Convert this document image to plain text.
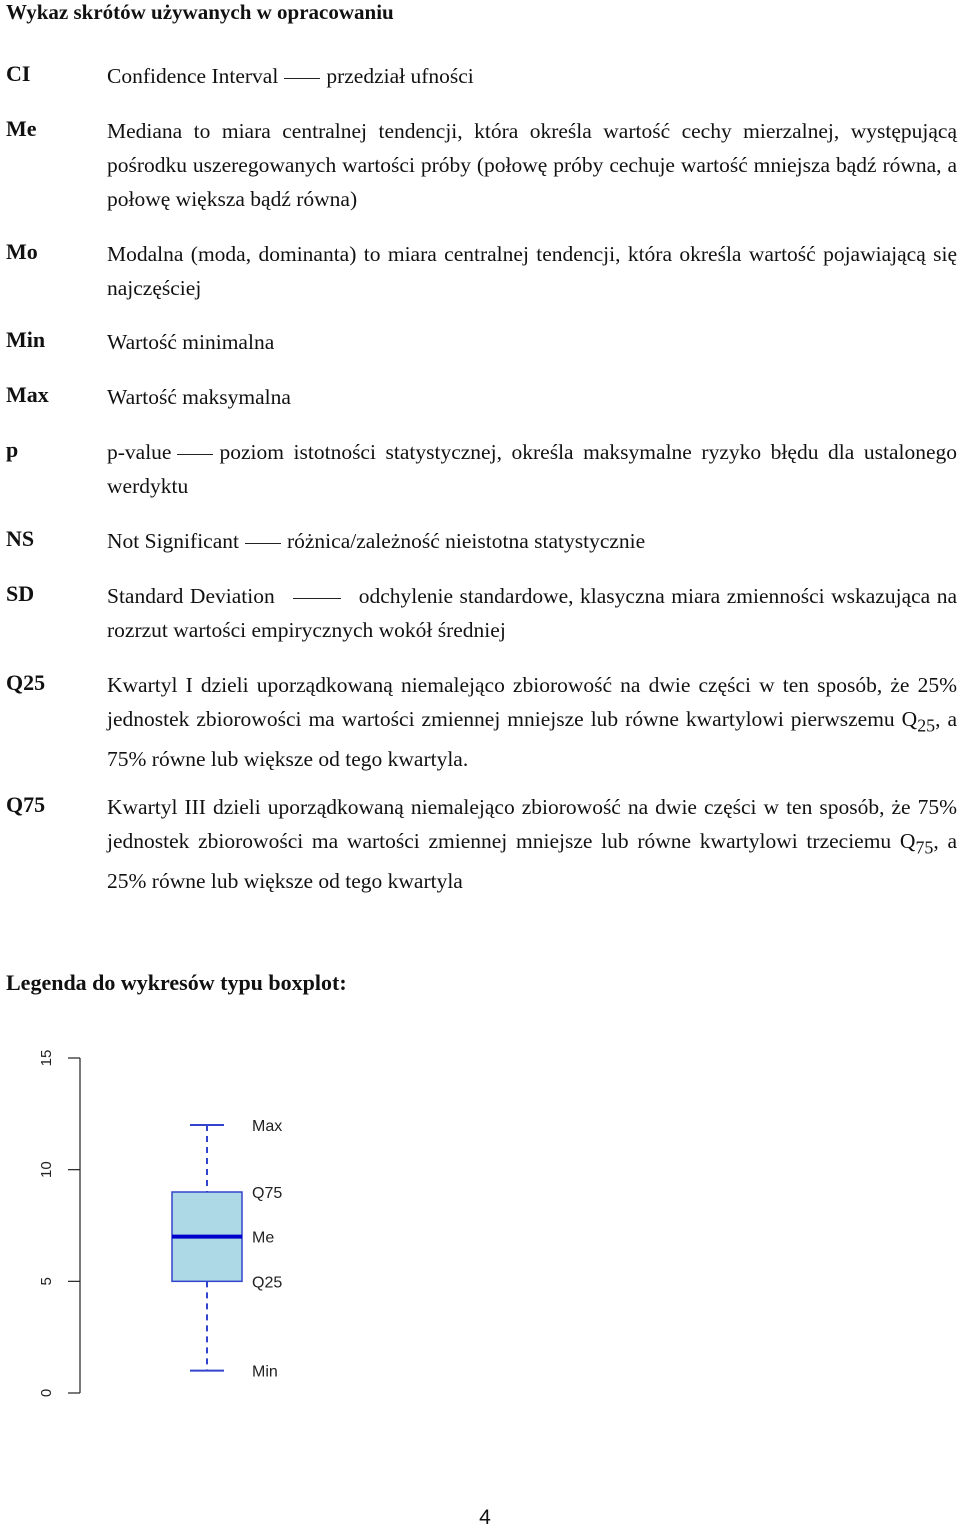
Wykaz skrótów używanych w opracowaniu
CI	Confidence Interval przedział ufności
Me	Mediana to miara centralnej tendencji, która określa wartość cechy mierzalnej, występującą pośrodku uszeregowanych wartości próby (połowę próby cechuje wartość mniejsza bądź równa, a połowę większa bądź równa)
Mo	Modalna (moda, dominanta) to miara centralnej tendencji, która określa wartość pojawiającą się najczęściej
Min	Wartość minimalna
Max	Wartość maksymalna
p	p-value poziom istotności statystycznej, określa maksymalne ryzyko błędu dla ustalonego werdyktu
NS	Not Significant różnica/zależność nieistotna statystycznie
SD	Standard Deviation	odchylenie standardowe, klasyczna miara zmienności wskazująca na rozrzut wartości empirycznych wokół średniej
Q25	Kwartyl I dzieli uporządkowaną niemalejąco zbiorowość na dwie części w ten sposób, że 25% jednostek zbiorowości ma wartości zmiennej mniejsze lub równe kwartylowi pierwszemu $Q_{25}$, a 75% równe lub większe od tego kwartyla.
Q75	Kwartyl III dzieli uporządkowaną niemalejąco zbiorowość na dwie części w ten sposób, że 75% jednostek zbiorowości ma wartości zmiennej mniejsze lub równe kwartylowi trzeciemu $Q_{75}$, a 25% równe lub większe od tego kwartyla
Legenda do wykresów typu boxplot:
0
5
10
15
Max
Q75
Me
Q25
Min
4
